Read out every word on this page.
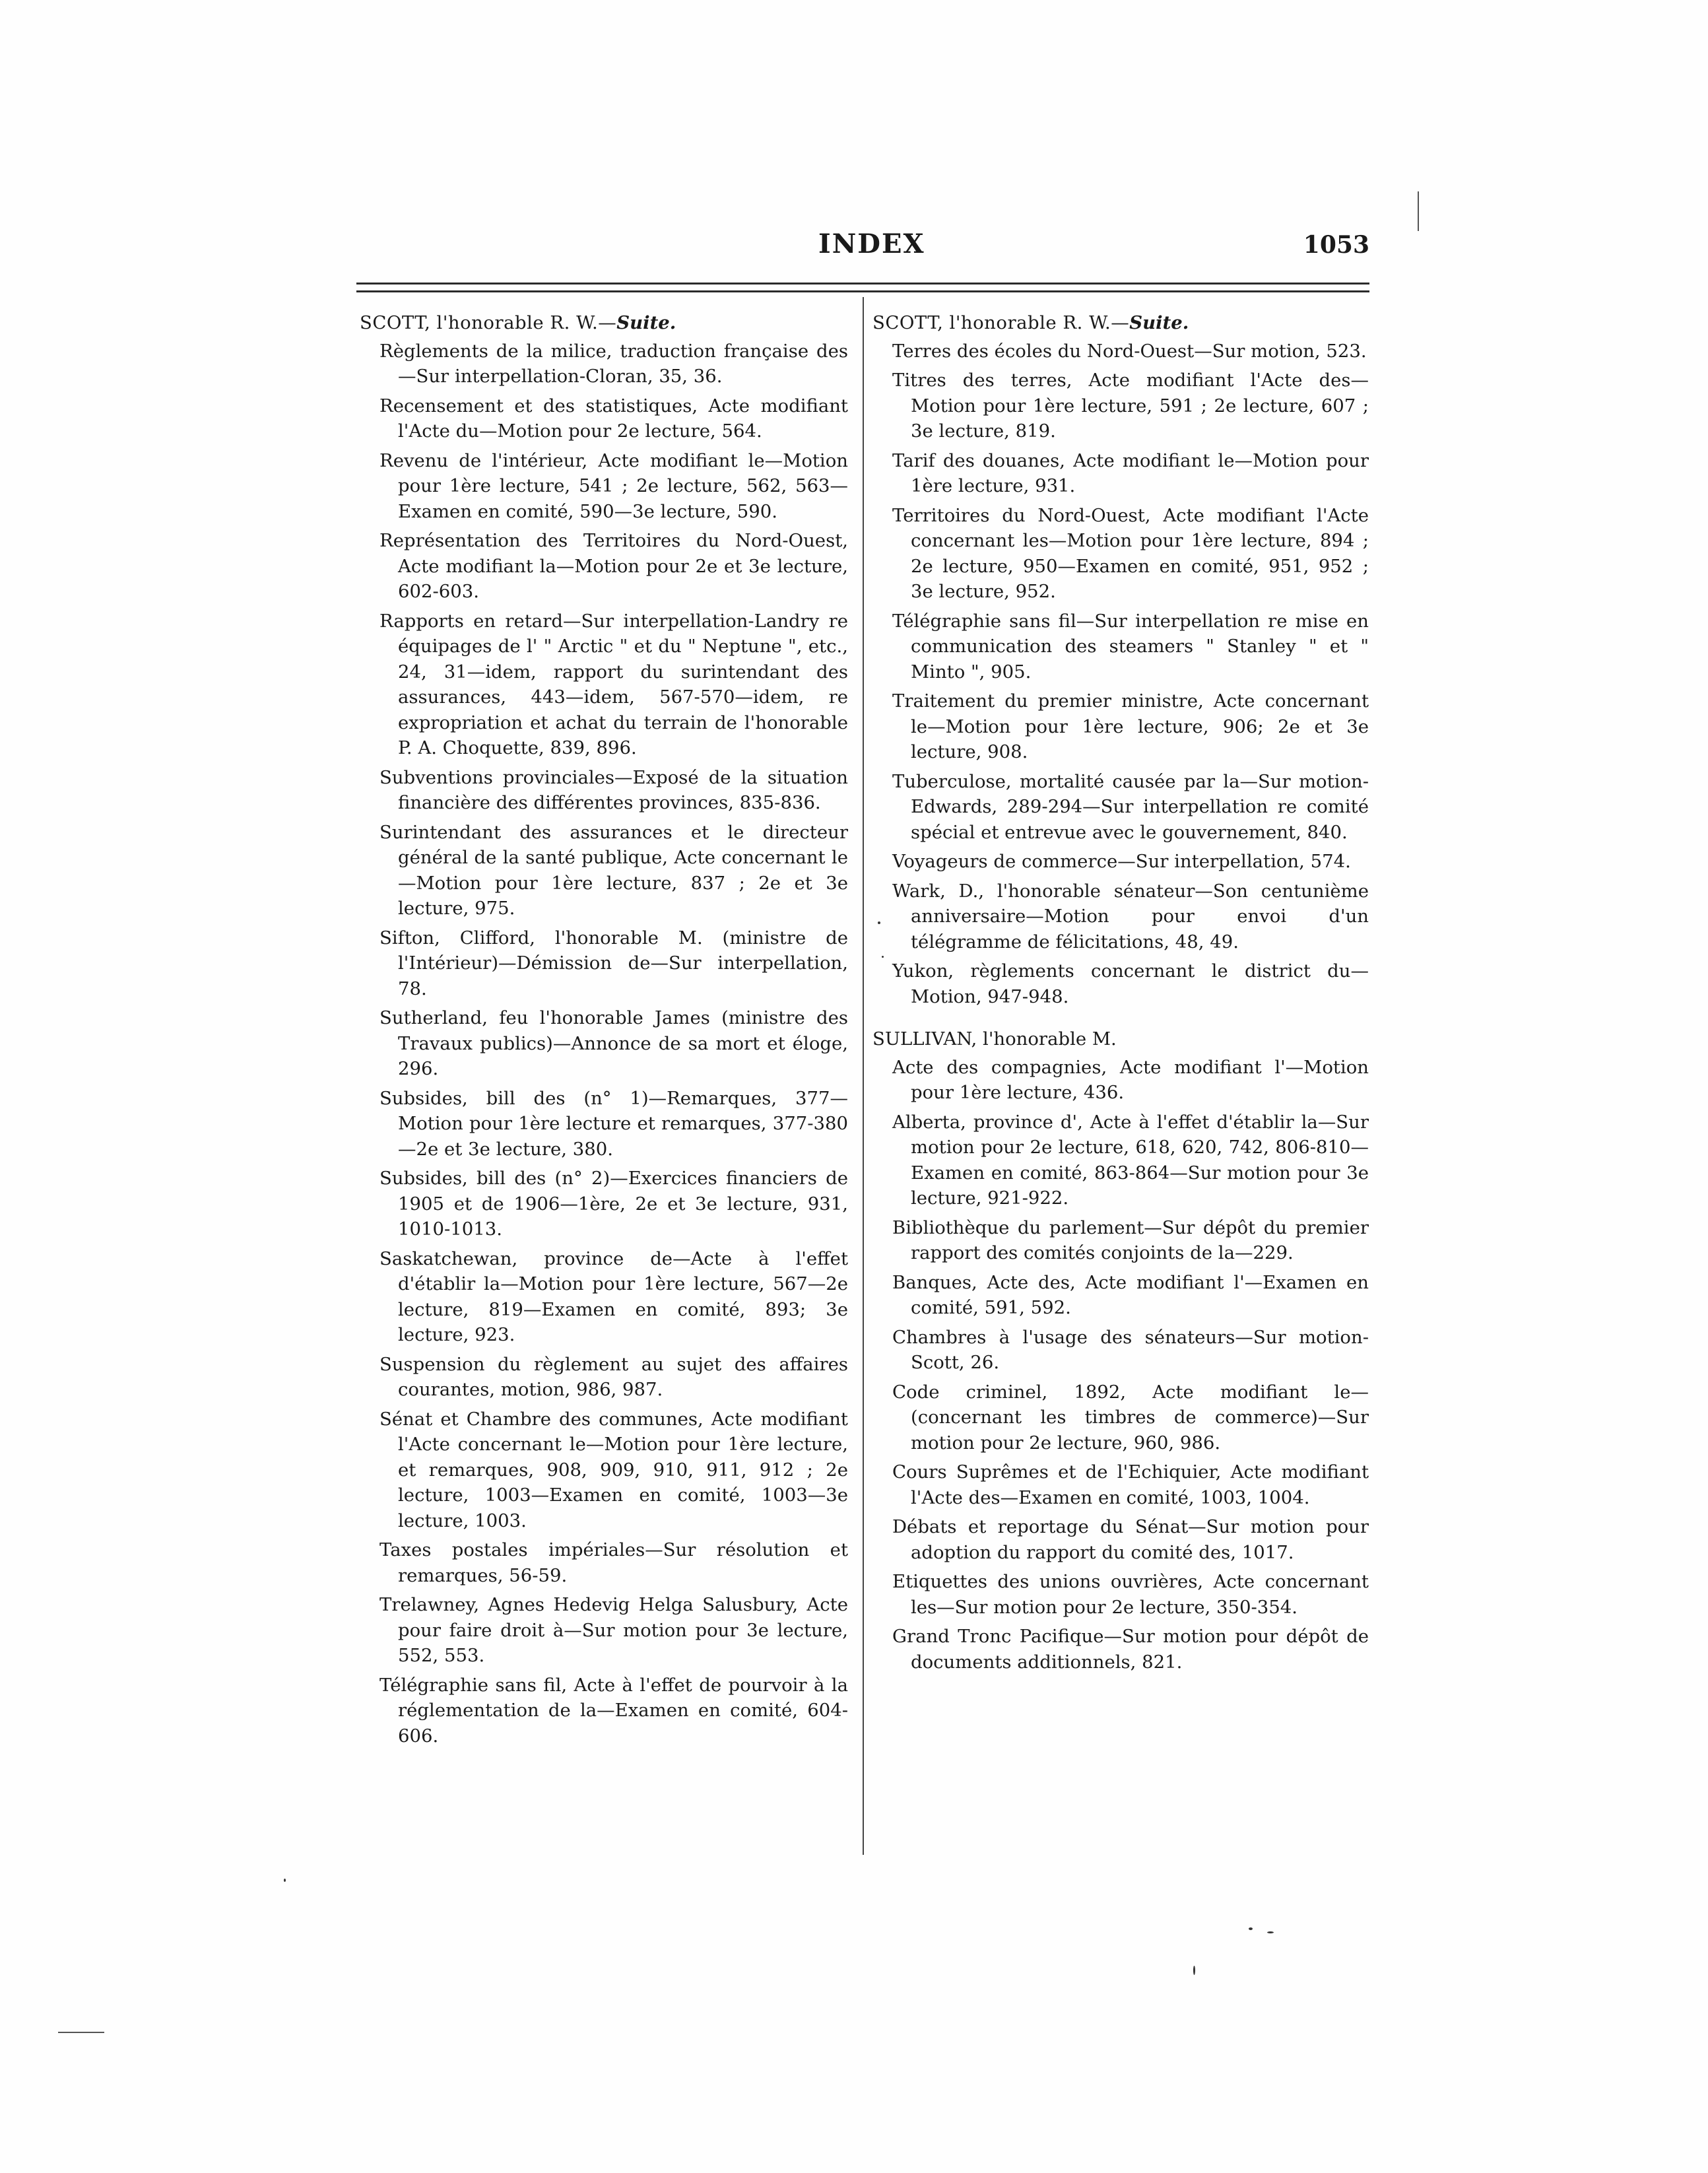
INDEX	1053

SCOTT, l'honorable R. W.—Suite.

Règlements de la milice, traduction française des—Sur interpellation-Cloran, 35, 36.

Recensement et des statistiques, Acte modifiant l'Acte du—Motion pour 2e lecture, 564.

Revenu de l'intérieur, Acte modifiant le—Motion pour 1ère lecture, 541 ; 2e lecture, 562, 563—Examen en comité, 590—3e lecture, 590.

Représentation des Territoires du Nord-Ouest, Acte modifiant la—Motion pour 2e et 3e lecture, 602-603.

Rapports en retard—Sur interpellation-Landry re équipages de l' " Arctic " et du " Neptune ", etc., 24, 31—idem, rapport du surintendant des assurances, 443—idem, 567-570—idem, re expropriation et achat du terrain de l'honorable P. A. Choquette, 839, 896.

Subventions provinciales—Exposé de la situation financière des différentes provinces, 835-836.

Surintendant des assurances et le directeur général de la santé publique, Acte concernant le—Motion pour 1ère lecture, 837 ; 2e et 3e lecture, 975.

Sifton, Clifford, l'honorable M. (ministre de l'Intérieur)—Démission de—Sur interpellation, 78.

Sutherland, feu l'honorable James (ministre des Travaux publics)—Annonce de sa mort et éloge, 296.

Subsides, bill des (n° 1)—Remarques, 377—Motion pour 1ère lecture et remarques, 377-380—2e et 3e lecture, 380.

Subsides, bill des (n° 2)—Exercices financiers de 1905 et de 1906—1ère, 2e et 3e lecture, 931, 1010-1013.

Saskatchewan, province de—Acte à l'effet d'établir la—Motion pour 1ère lecture, 567—2e lecture, 819—Examen en comité, 893; 3e lecture, 923.

Suspension du règlement au sujet des affaires courantes, motion, 986, 987.

Sénat et Chambre des communes, Acte modifiant l'Acte concernant le—Motion pour 1ère lecture, et remarques, 908, 909, 910, 911, 912 ; 2e lecture, 1003—Examen en comité, 1003—3e lecture, 1003.

Taxes postales impériales—Sur résolution et remarques, 56-59.

Trelawney, Agnes Hedevig Helga Salusbury, Acte pour faire droit à—Sur motion pour 3e lecture, 552, 553.

Télégraphie sans fil, Acte à l'effet de pourvoir à la réglementation de la—Examen en comité, 604-606.

SCOTT, l'honorable R. W.—Suite.

Terres des écoles du Nord-Ouest—Sur motion, 523.

Titres des terres, Acte modifiant l'Acte des—Motion pour 1ère lecture, 591 ; 2e lecture, 607 ; 3e lecture, 819.

Tarif des douanes, Acte modifiant le—Motion pour 1ère lecture, 931.

Territoires du Nord-Ouest, Acte modifiant l'Acte concernant les—Motion pour 1ère lecture, 894 ; 2e lecture, 950—Examen en comité, 951, 952 ; 3e lecture, 952.

Télégraphie sans fil—Sur interpellation re mise en communication des steamers " Stanley " et " Minto ", 905.

Traitement du premier ministre, Acte concernant le—Motion pour 1ère lecture, 906; 2e et 3e lecture, 908.

Tuberculose, mortalité causée par la—Sur motion-Edwards, 289-294—Sur interpellation re comité spécial et entrevue avec le gouvernement, 840.

Voyageurs de commerce—Sur interpellation, 574.

Wark, D., l'honorable sénateur—Son centunième anniversaire—Motion pour envoi d'un télégramme de félicitations, 48, 49.

Yukon, règlements concernant le district du—Motion, 947-948.

SULLIVAN, l'honorable M.

Acte des compagnies, Acte modifiant l'—Motion pour 1ère lecture, 436.

Alberta, province d', Acte à l'effet d'établir la—Sur motion pour 2e lecture, 618, 620, 742, 806-810—Examen en comité, 863-864—Sur motion pour 3e lecture, 921-922.

Bibliothèque du parlement—Sur dépôt du premier rapport des comités conjoints de la—229.

Banques, Acte des, Acte modifiant l'—Examen en comité, 591, 592.

Chambres à l'usage des sénateurs—Sur motion-Scott, 26.

Code criminel, 1892, Acte modifiant le—(concernant les timbres de commerce)—Sur motion pour 2e lecture, 960, 986.

Cours Suprêmes et de l'Echiquier, Acte modifiant l'Acte des—Examen en comité, 1003, 1004.

Débats et reportage du Sénat—Sur motion pour adoption du rapport du comité des, 1017.

Etiquettes des unions ouvrières, Acte concernant les—Sur motion pour 2e lecture, 350-354.

Grand Tronc Pacifique—Sur motion pour dépôt de documents additionnels, 821.
